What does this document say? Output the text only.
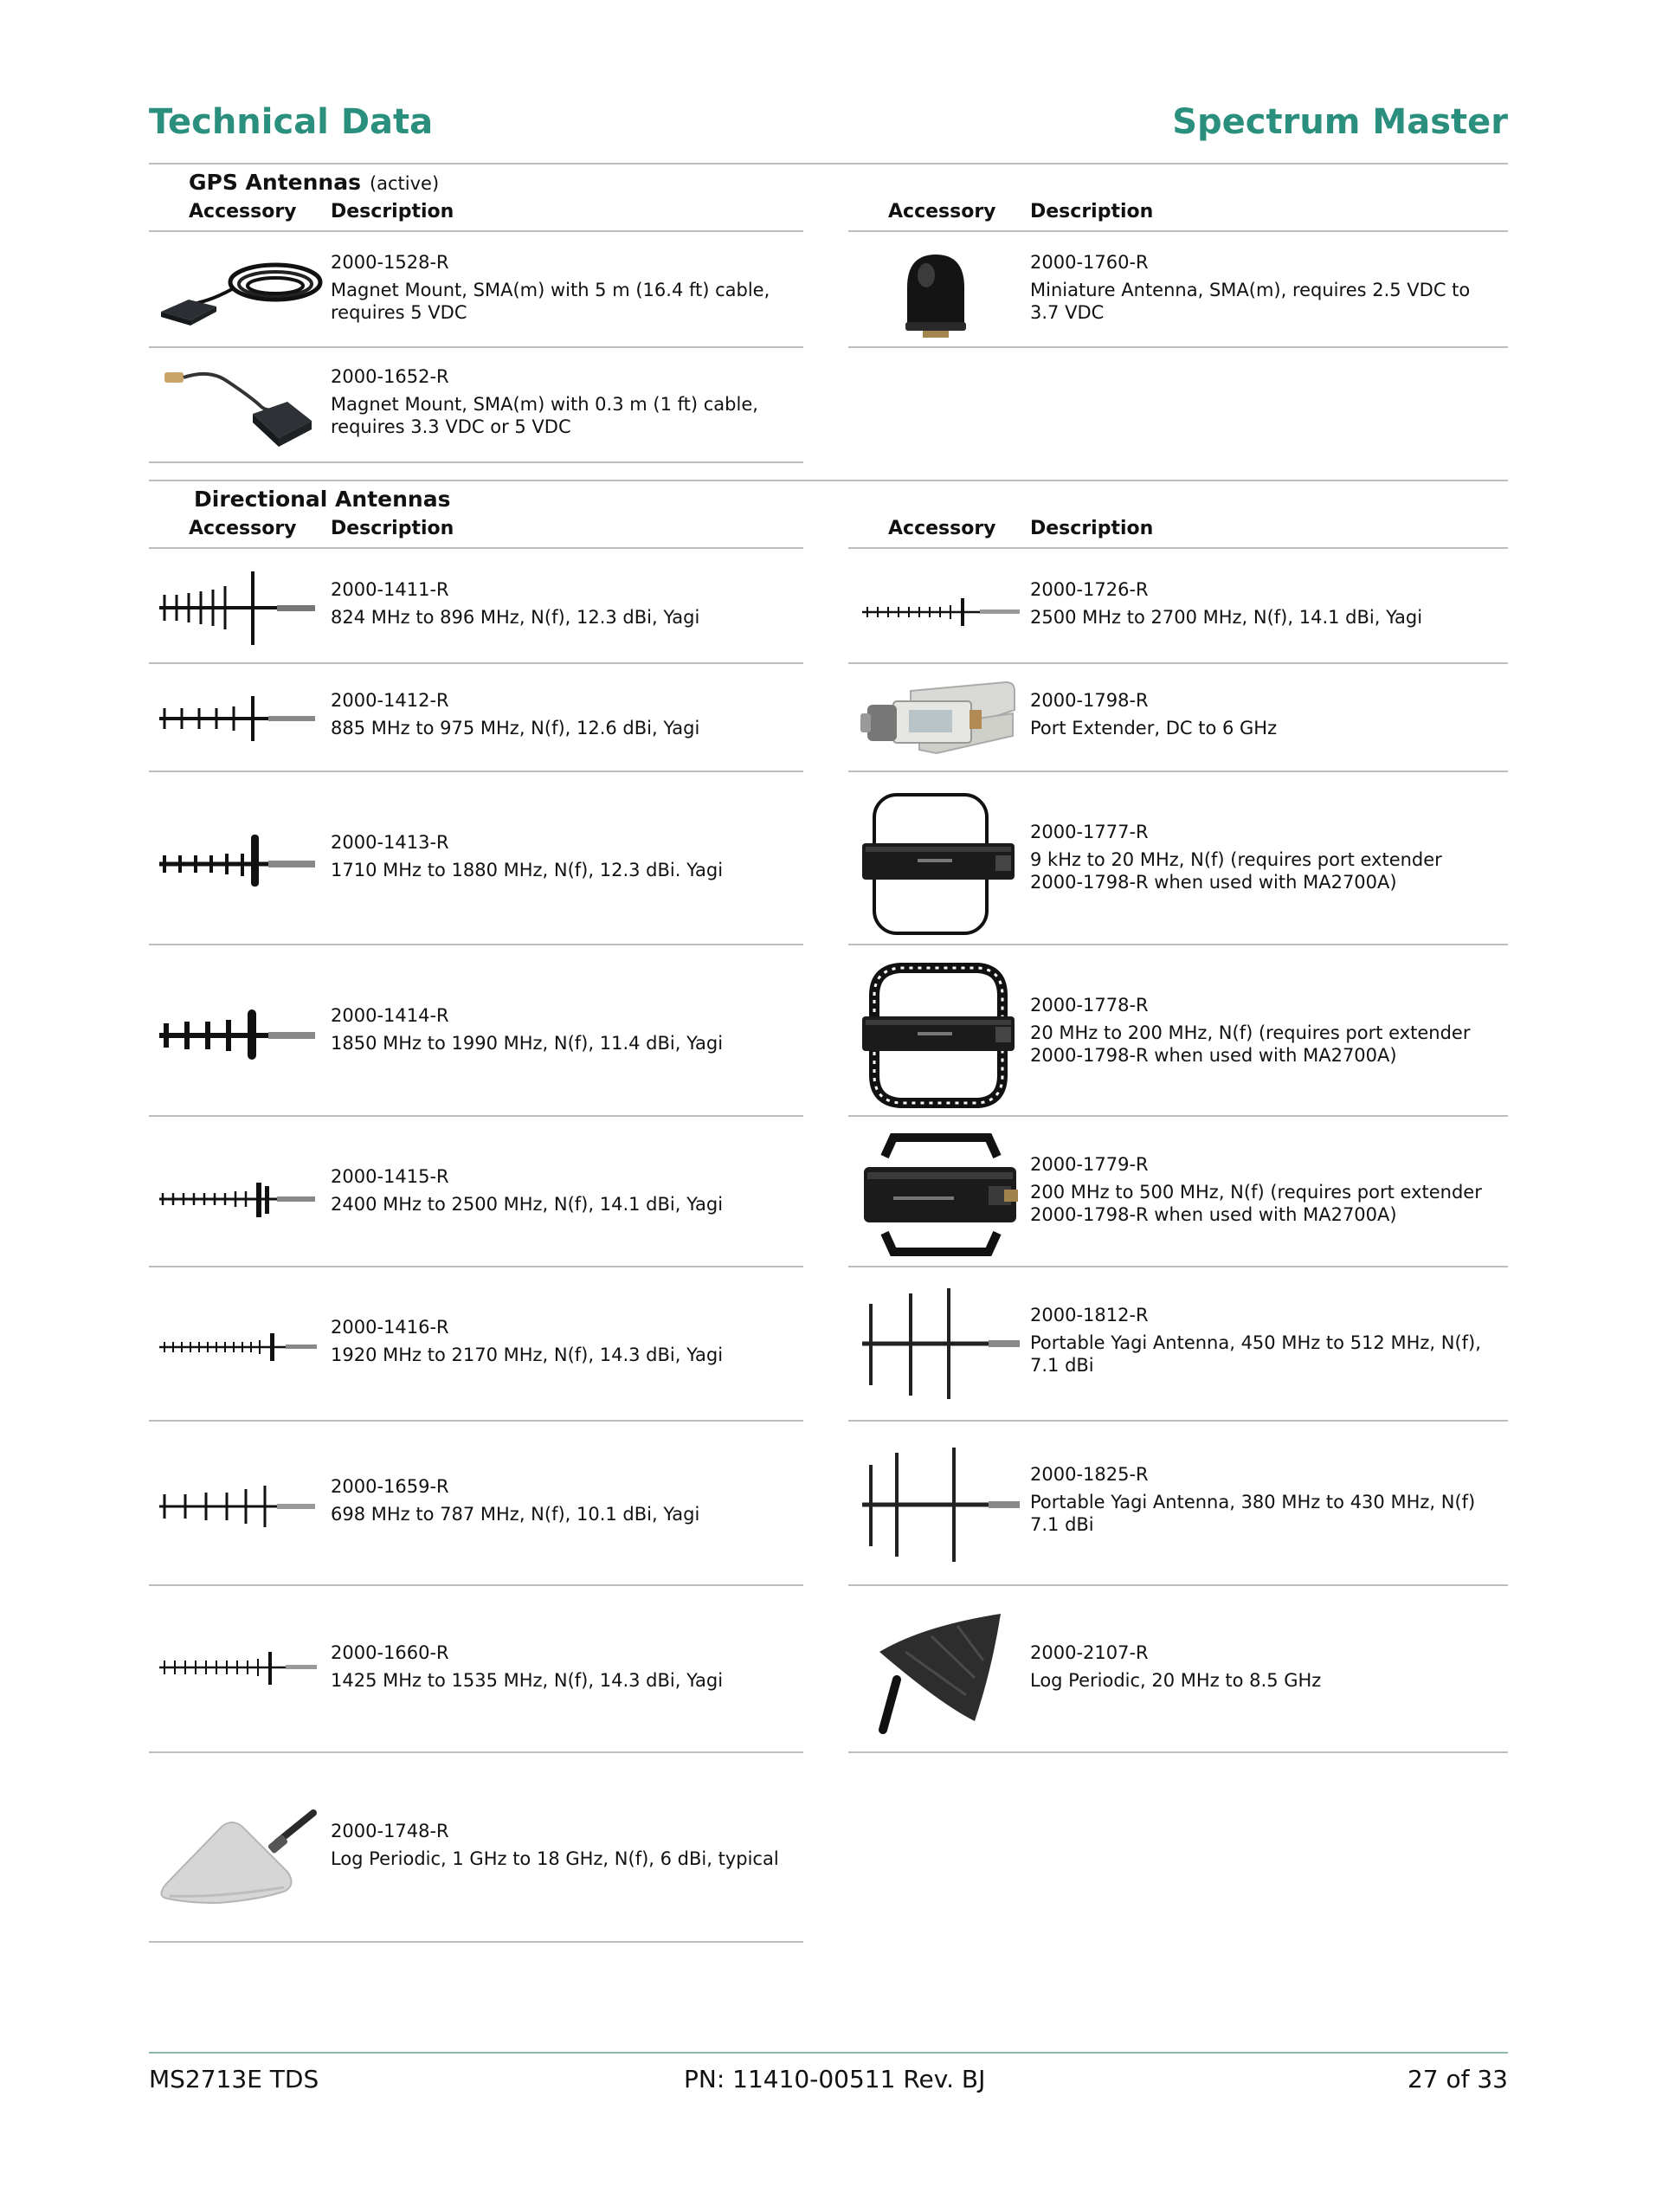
Technical Data	Spectrum Master
GPS Antennas (active)
Accessory Description	Accessory Description
2000-1528-R
Magnet Mount, SMA(m) with 5 m (16.4 ft) cable, requires 5 VDC
2000-1760-R
Miniature Antenna, SMA(m), requires 2.5 VDC to 3.7 VDC
2000-1652-R
Magnet Mount, SMA(m) with 0.3 m (1 ft) cable, requires 3.3 VDC or 5 VDC
Directional Antennas
Accessory Description	Accessory Description
2000-1411-R
824 MHz to 896 MHz, N(f), 12.3 dBi, Yagi
2000-1412-R
885 MHz to 975 MHz, N(f), 12.6 dBi, Yagi
2000-1413-R
1710 MHz to 1880 MHz, N(f), 12.3 dBi. Yagi
2000-1414-R
1850 MHz to 1990 MHz, N(f), 11.4 dBi, Yagi
2000-1415-R
2400 MHz to 2500 MHz, N(f), 14.1 dBi, Yagi
2000-1416-R
1920 MHz to 2170 MHz, N(f), 14.3 dBi, Yagi
2000-1659-R
698 MHz to 787 MHz, N(f), 10.1 dBi, Yagi
2000-1660-R
1425 MHz to 1535 MHz, N(f), 14.3 dBi, Yagi
2000-1748-R
Log Periodic, 1 GHz to 18 GHz, N(f), 6 dBi, typical
2000-1726-R
2500 MHz to 2700 MHz, N(f), 14.1 dBi, Yagi
2000-1798-R
Port Extender, DC to 6 GHz
2000-1777-R
9 kHz to 20 MHz, N(f) (requires port extender 2000-1798-R when used with MA2700A)
2000-1778-R
20 MHz to 200 MHz, N(f) (requires port extender 2000-1798-R when used with MA2700A)
2000-1779-R
200 MHz to 500 MHz, N(f) (requires port extender 2000-1798-R when used with MA2700A)
2000-1812-R
Portable Yagi Antenna, 450 MHz to 512 MHz, N(f), 7.1 dBi
2000-1825-R
Portable Yagi Antenna, 380 MHz to 430 MHz, N(f) 7.1 dBi
2000-2107-R
Log Periodic, 20 MHz to 8.5 GHz
MS2713E TDS	PN: 11410-00511 Rev. BJ	27 of 33
